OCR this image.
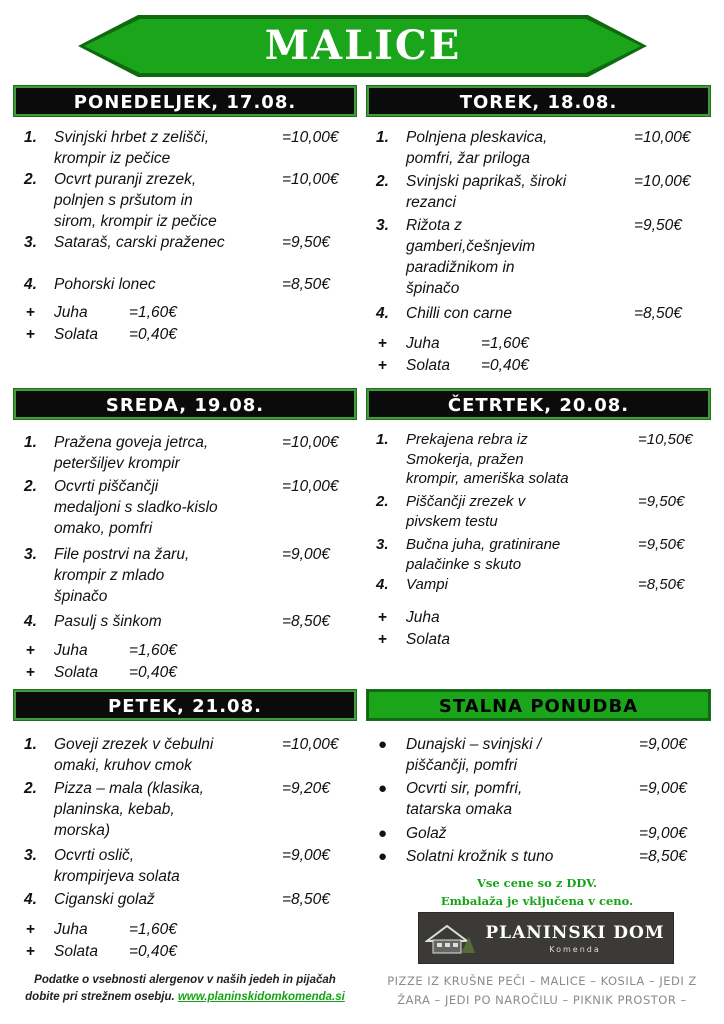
MALICE
PONEDELJEK, 17.08.	TOREK, 18.08.
SREDA, 19.08.	ČETRTEK, 20.08.
PETEK, 21.08.	STALNA PONUDBA
1. Svinjski hrbet z zelišči,
krompir iz pečice
=10,00€
2. Ocvrt puranji zrezek,
polnjen s pršutom in
sirom, krompir iz pečice
=10,00€
3. Sataraš, carski praženec	=9,50€
4. Pohorski lonec	=8,50€
+ Juha	=1,60€
+ Solata =0,40€
1. Polnjena pleskavica,
pomfri, žar priloga
=10,00€
2. Svinjski paprikaš, široki
rezanci
=10,00€
3. Rižota z
gamberi,češnjevim
paradižnikom in
špinačo
=9,50€
4. Chilli con carne	=8,50€
+ Juha	=1,60€
+ Solata =0,40€
1. Pražena goveja jetrca,
peteršiljev krompir
=10,00€
2. Ocvrti piščančji
medaljoni s sladko-kislo
omako, pomfri
=10,00€
3. File postrvi na žaru,
krompir z mlado
špinačo
=9,00€
4. Pasulj s šinkom	=8,50€
+ Juha	=1,60€
+ Solata =0,40€
1. Prekajena rebra iz
Smokerja, pražen
krompir, ameriška solata
=10,50€
2. Piščančji zrezek v
pivskem testu
=9,50€
3. Bučna juha, gratinirane
palačinke s skuto
=9,50€
4. Vampi	=8,50€
+ Juha
+ Solata
1. Goveji zrezek v čebulni
omaki, kruhov cmok
=10,00€
2. Pizza – mala (klasika,
planinska, kebab,
morska)
=9,20€
3. Ocvrti oslič,
krompirjeva solata
=9,00€
4. Ciganski golaž	=8,50€
+ Juha	=1,60€
+ Solata =0,40€
● Dunajski – svinjski /
piščančji, pomfri
=9,00€
● Ocvrti sir, pomfri,
tatarska omaka
=9,00€
● Golaž	=9,00€
● Solatni krožnik s tuno	=8,50€
Vse cene so z DDV.
Embalaža je vključena v ceno.
PLANINSKI DOM
Komenda
Podatke o vsebnosti alergenov v naših jedeh in pijačah
dobite pri strežnem osebju. www.planinskidomkomenda.si
PIZZE IZ KRUŠNE PEČI – MALICE – KOSILA – JEDI Z
ŽARA – JEDI PO NAROČILU – PIKNIK PROSTOR –
